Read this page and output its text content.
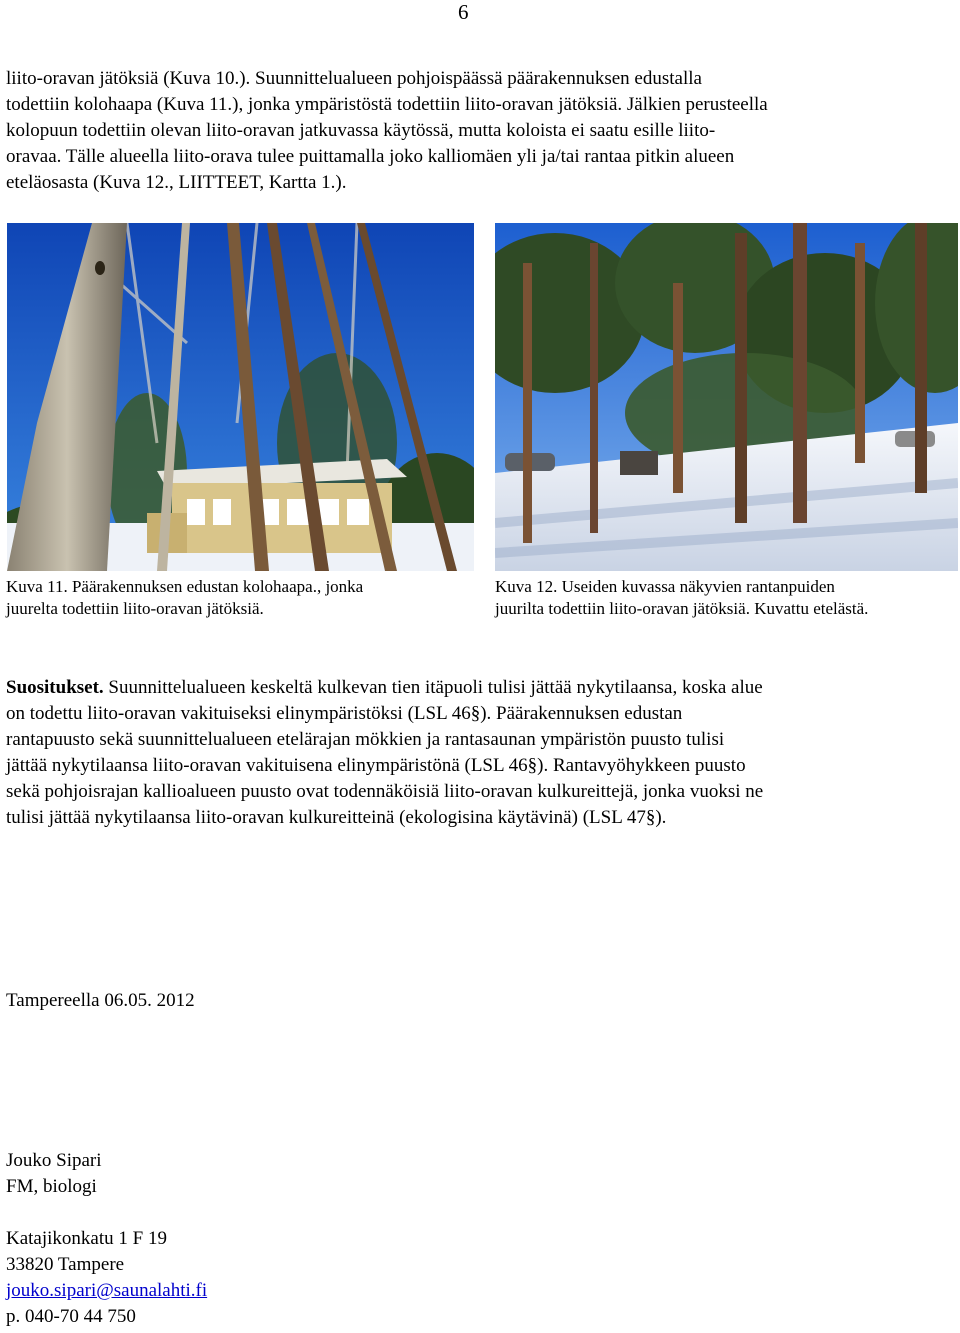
6
liito-oravan jätöksiä (Kuva 10.). Suunnittelualueen pohjoispäässä päärakennuksen edustalla
todettiin kolohaapa (Kuva 11.), jonka ympäristöstä todettiin liito-oravan jätöksiä. Jälkien perusteella
kolopuun todettiin olevan liito-oravan jatkuvassa käytössä, mutta koloista ei saatu esille liito-
oravaa. Tälle alueella liito-orava tulee puittamalla joko kalliomäen yli ja/tai rantaa pitkin alueen
eteläosasta (Kuva 12., LIITTEET, Kartta 1.).
Kuva 11. Päärakennuksen edustan kolohaapa., jonka
juurelta todettiin liito-oravan jätöksiä.
Kuva 12. Useiden kuvassa näkyvien rantanpuiden
juurilta todettiin liito-oravan jätöksiä. Kuvattu etelästä.
Suositukset. Suunnittelualueen keskeltä kulkevan tien itäpuoli tulisi jättää nykytilaansa, koska alue
on todettu liito-oravan vakituiseksi elinympäristöksi (LSL 46§). Päärakennuksen edustan
rantapuusto sekä suunnittelualueen etelärajan mökkien ja rantasaunan ympäristön puusto tulisi
jättää nykytilaansa liito-oravan vakituisena elinympäristönä (LSL 46§). Rantavyöhykkeen puusto
sekä pohjoisrajan kallioalueen puusto ovat todennäköisiä liito-oravan kulkureittejä, jonka vuoksi ne
tulisi jättää nykytilaansa liito-oravan kulkureitteinä (ekologisina käytävinä) (LSL 47§).
Tampereella 06.05. 2012
Jouko Sipari
FM, biologi
Katajikonkatu 1 F 19
33820 Tampere
jouko.sipari@saunalahti.fi
p. 040-70 44 750
